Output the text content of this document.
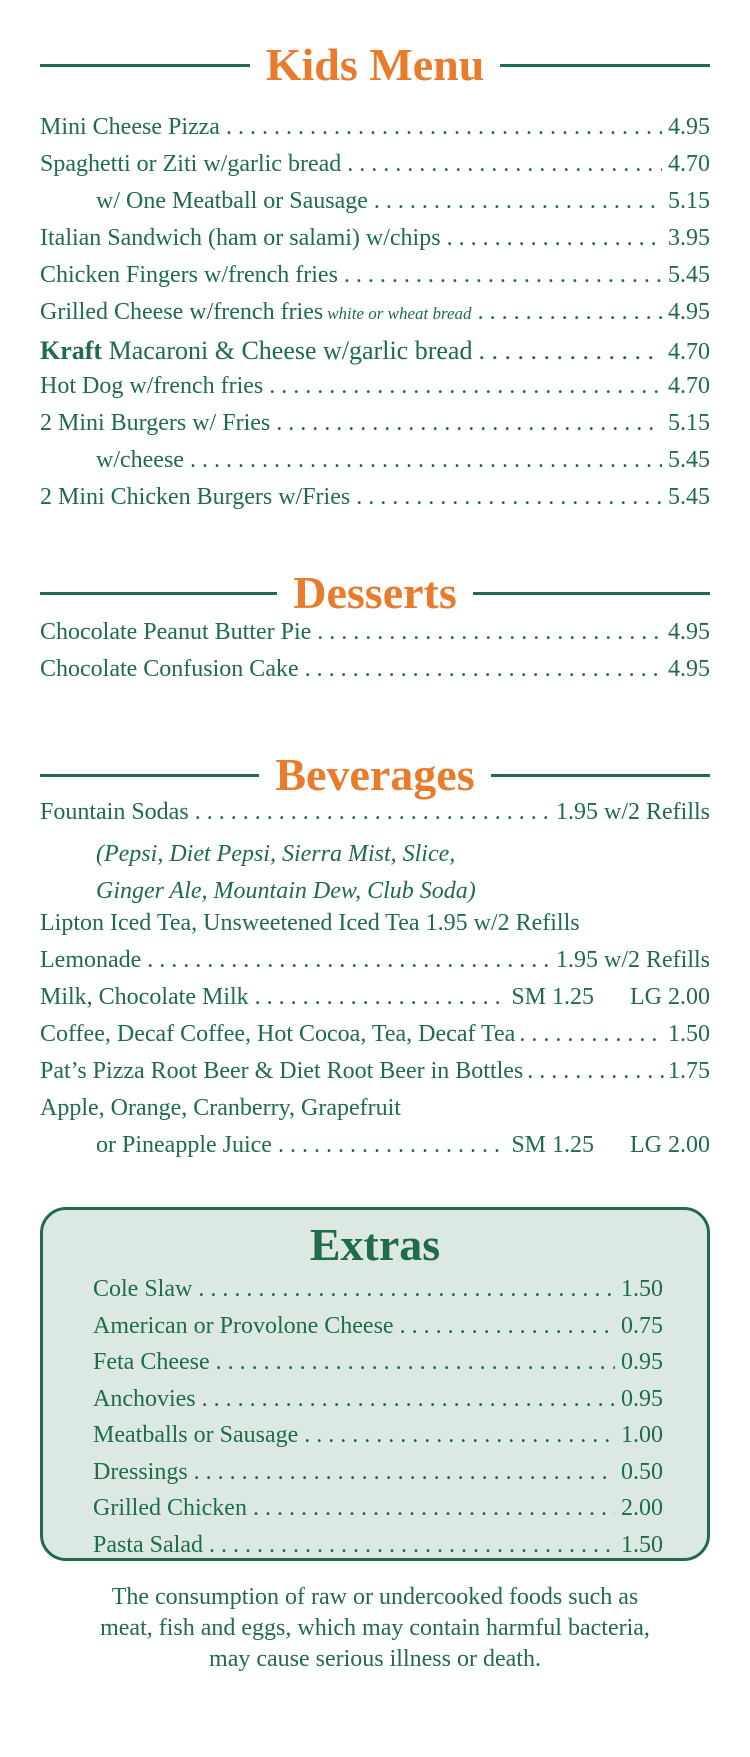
Kids Menu
Mini Cheese Pizza . . .	4.95
Spaghetti or Ziti w/garlic bread . . .	4.70
w/ One Meatball or Sausage . . .	5.15
Italian Sandwich (ham or salami) w/chips . . .	3.95
Chicken Fingers w/french fries . . .	5.45
Grilled Cheese w/french fries white or wheat bread . . .	4.95
Kraft Macaroni & Cheese w/garlic bread . . .	4.70
Hot Dog w/french fries . . .	4.70
2 Mini Burgers w/ Fries . . .	5.15
w/cheese . . .	5.45
2 Mini Chicken Burgers w/Fries . . .	5.45
Desserts
Chocolate Peanut Butter Pie . . .	4.95
Chocolate Confusion Cake . . .	4.95
Beverages
Fountain Sodas . . .	1.95 w/2 Refills
(Pepsi, Diet Pepsi, Sierra Mist, Slice,
Ginger Ale, Mountain Dew, Club Soda)
Lipton Iced Tea, Unsweetened Iced Tea 1.95 w/2 Refills
Lemonade . . .	1.95 w/2 Refills
Milk, Chocolate Milk . . .	SM 1.25 LG 2.00
Coffee, Decaf Coffee, Hot Cocoa, Tea, Decaf Tea . . .	1.50
Pat’s Pizza Root Beer & Diet Root Beer in Bottles . . .	1.75
Apple, Orange, Cranberry, Grapefruit
or Pineapple Juice . . .	SM 1.25 LG 2.00
Extras
Cole Slaw . . .	1.50
American or Provolone Cheese . . .	0.75
Feta Cheese . . .	0.95
Anchovies . . .	0.95
Meatballs or Sausage . . .	1.00
Dressings . . .	0.50
Grilled Chicken . . .	2.00
Pasta Salad . . .	1.50
The consumption of raw or undercooked foods such as
meat, fish and eggs, which may contain harmful bacteria,
may cause serious illness or death.
